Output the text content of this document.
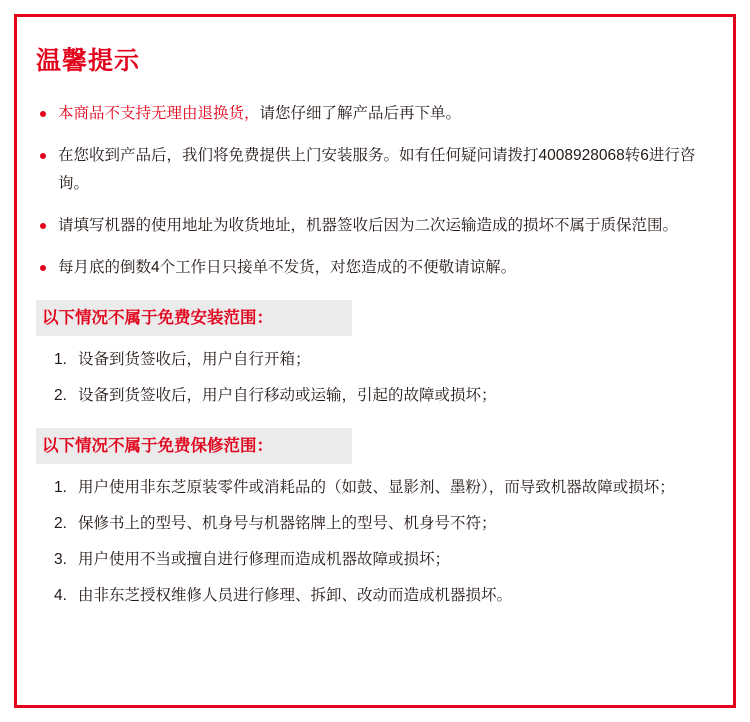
温馨提示
本商品不支持无理由退换货，请您仔细了解产品后再下单。
在您收到产品后，我们将免费提供上门安装服务。如有任何疑问请拨打4008928068转6进行咨询。
请填写机器的使用地址为收货地址，机器签收后因为二次运输造成的损坏不属于质保范围。
每月底的倒数4个工作日只接单不发货，对您造成的不便敬请谅解。
以下情况不属于免费安装范围：
1. 设备到货签收后，用户自行开箱；
2. 设备到货签收后，用户自行移动或运输，引起的故障或损坏；
以下情况不属于免费保修范围：
1. 用户使用非东芝原装零件或消耗品的（如鼓、显影剂、墨粉），而导致机器故障或损坏；
2. 保修书上的型号、机身号与机器铭牌上的型号、机身号不符；
3. 用户使用不当或擅自进行修理而造成机器故障或损坏；
4. 由非东芝授权维修人员进行修理、拆卸、改动而造成机器损坏。
